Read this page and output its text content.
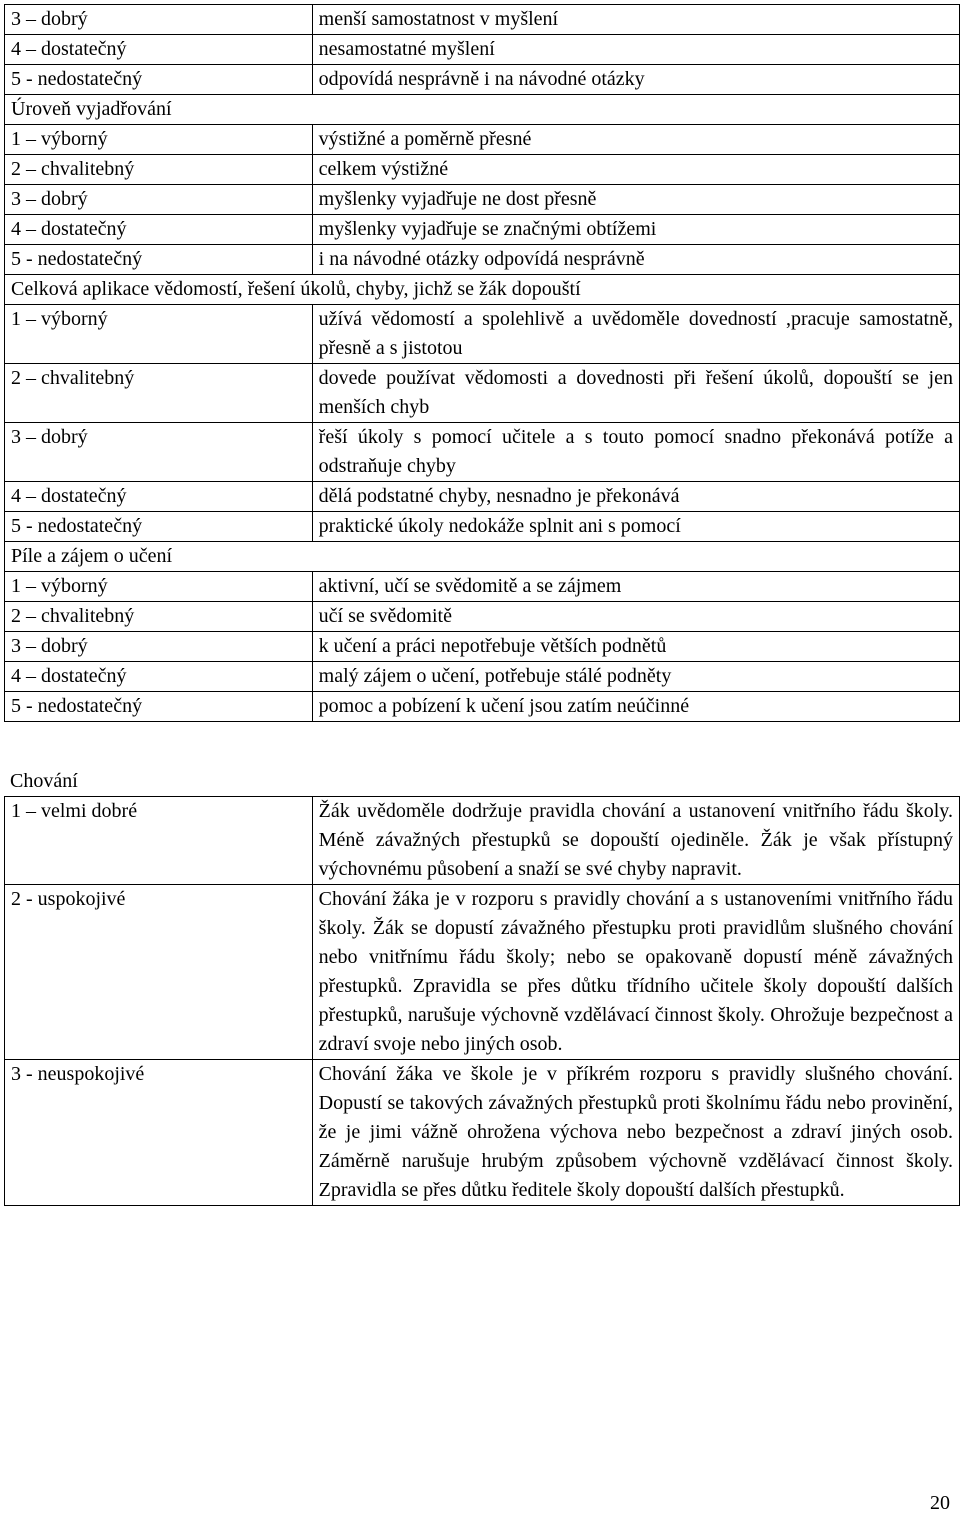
3 – dobrý	menší samostatnost v myšlení
4 – dostatečný	nesamostatné myšlení
5 - nedostatečný	odpovídá nesprávně i na návodné otázky
Úroveň vyjadřování	
1 – výborný	výstižné a poměrně přesné
2 – chvalitebný	celkem výstižné
3 – dobrý	myšlenky vyjadřuje ne dost přesně
4 – dostatečný	myšlenky vyjadřuje se značnými obtížemi
5 - nedostatečný	i na návodné otázky odpovídá nesprávně
Celková aplikace vědomostí, řešení úkolů, chyby, jichž se žák dopouští	
1 – výborný	užívá vědomostí a spolehlivě a uvědoměle dovedností ,pracuje samostatně, přesně a s jistotou
2 – chvalitebný	dovede používat vědomosti a dovednosti při řešení úkolů, dopouští se jen menších chyb
3 – dobrý	řeší úkoly s pomocí učitele a s touto pomocí snadno překonává potíže a odstraňuje chyby
4 – dostatečný	dělá podstatné chyby, nesnadno je překonává
5 - nedostatečný	praktické úkoly nedokáže splnit ani s pomocí
Píle a zájem o učení	
1 – výborný	aktivní, učí se svědomitě a se zájmem
2 – chvalitebný	učí se svědomitě
3 – dobrý	k učení a práci nepotřebuje větších podnětů
4 – dostatečný	malý zájem o učení, potřebuje stálé podněty
5 - nedostatečný	pomoc a pobízení k učení jsou zatím neúčinné
Chování
1 – velmi dobré	Žák uvědoměle dodržuje pravidla chování a ustanovení vnitřního řádu školy. Méně závažných přestupků se dopouští ojediněle. Žák je však přístupný výchovnému působení a snaží se své chyby napravit.
2 - uspokojivé	Chování žáka je v rozporu s pravidly chování a s ustanoveními vnitřního řádu školy. Žák se dopustí závažného přestupku proti pravidlům slušného chování nebo vnitřnímu řádu školy; nebo se opakovaně dopustí méně závažných přestupků. Zpravidla se přes důtku třídního učitele školy dopouští dalších přestupků, narušuje výchovně vzdělávací činnost školy. Ohrožuje bezpečnost a zdraví svoje nebo jiných osob.
3 - neuspokojivé	Chování žáka ve škole je v příkrém rozporu s pravidly slušného chování. Dopustí se takových závažných přestupků proti školnímu řádu nebo provinění, že je jimi vážně ohrožena výchova nebo bezpečnost a zdraví jiných osob. Záměrně narušuje hrubým způsobem výchovně vzdělávací činnost školy. Zpravidla se přes důtku ředitele školy dopouští dalších přestupků.
20
